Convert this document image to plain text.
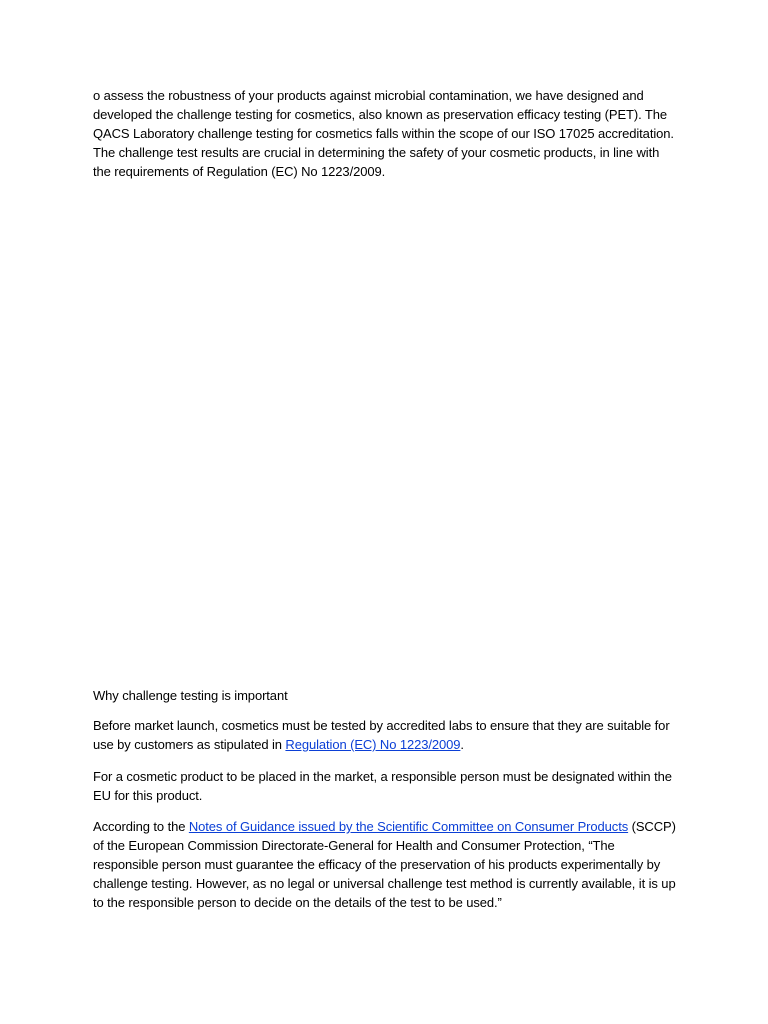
o assess the robustness of your products against microbial contamination, we have designed and developed the challenge testing for cosmetics, also known as preservation efficacy testing (PET). The QACS Laboratory challenge testing for cosmetics falls within the scope of our ISO 17025 accreditation. The challenge test results are crucial in determining the safety of your cosmetic products, in line with the requirements of Regulation (EC) No 1223/2009.

Why challenge testing is important

Before market launch, cosmetics must be tested by accredited labs to ensure that they are suitable for use by customers as stipulated in Regulation (EC) No 1223/2009.

For a cosmetic product to be placed in the market, a responsible person must be designated within the EU for this product.

According to the Notes of Guidance issued by the Scientific Committee on Consumer Products (SCCP) of the European Commission Directorate-General for Health and Consumer Protection, “The responsible person must guarantee the efficacy of the preservation of his products experimentally by challenge testing. However, as no legal or universal challenge test method is currently available, it is up to the responsible person to decide on the details of the test to be used.”
